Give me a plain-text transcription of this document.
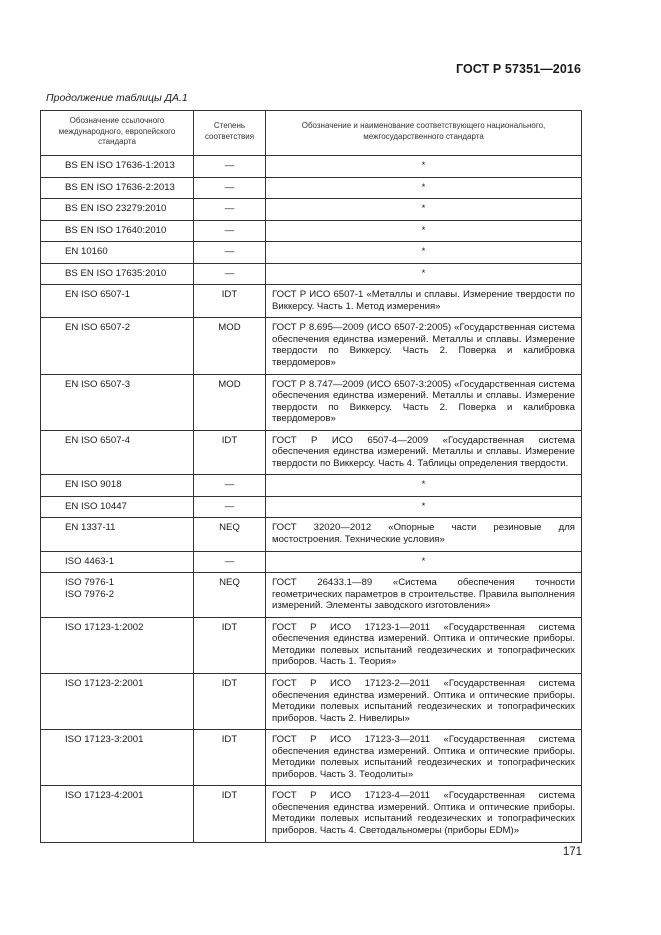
ГОСТ Р 57351—2016
Продолжение таблицы ДА.1
Обозначение ссылочного международного, европейского стандарта	Степень соответствия	Обозначение и наименование соответствующего национального, межгосударственного стандарта

BS EN ISO 17636-1:2013	—	*

BS EN ISO 17636-2:2013	—	*

BS EN ISO 23279:2010	—	*

BS EN ISO 17640:2010	—	*

EN 10160	—	*

BS EN ISO 17635:2010	—	*

EN ISO 6507-1	IDT	ГОСТ Р ИСО 6507-1 «Металлы и сплавы. Измерение твердости по Виккерсу. Часть 1. Метод измерения»

EN ISO 6507-2	MOD	ГОСТ Р 8.695—2009 (ИСО 6507-2:2005) «Государственная система обеспечения единства измерений. Металлы и сплавы. Измерение твердости по Виккерсу. Часть 2. Поверка и калибровка твердомеров»

EN ISO 6507-3	MOD	ГОСТ Р 8.747—2009 (ИСО 6507-3:2005) «Государственная система обеспечения единства измерений. Металлы и сплавы. Измерение твердости по Виккерсу. Часть 2. Поверка и калибровка твердомеров»

EN ISO 6507-4	IDT	ГОСТ Р ИСО 6507-4—2009 «Государственная система обеспечения единства измерений. Металлы и сплавы. Измерение твердости по Виккерсу. Часть 4. Таблицы определения твердости.

EN ISO 9018	—	*

EN ISO 10447	—	*

EN 1337-11	NEQ	ГОСТ 32020—2012 «Опорные части резиновые для мостостроения. Технические условия»

ISO 4463-1	—	*

ISO 7976-1
ISO 7976-2	NEQ	ГОСТ 26433.1—89 «Система обеспечения точности геометрических параметров в строительстве. Правила выполнения измерений. Элементы заводского изготовления»

ISO 17123-1:2002	IDT	ГОСТ Р ИСО 17123-1—2011 «Государственная система обеспечения единства измерений. Оптика и оптические приборы. Методики полевых испытаний геодезических и топографических приборов. Часть 1. Теория»

ISO 17123-2:2001	IDT	ГОСТ Р ИСО 17123-2—2011 «Государственная система обеспечения единства измерений. Оптика и оптические приборы. Методики полевых испытаний геодезических и топографических приборов. Часть 2. Нивелиры»

ISO 17123-3:2001	IDT	ГОСТ Р ИСО 17123-3—2011 «Государственная система обеспечения единства измерений. Оптика и оптические приборы. Методики полевых испытаний геодезических и топографических приборов. Часть 3. Теодолиты»

ISO 17123-4:2001	IDT	ГОСТ Р ИСО 17123-4—2011 «Государственная система обеспечения единства измерений. Оптика и оптические приборы. Методики полевых испытаний геодезических и топографических приборов. Часть 4. Светодальномеры (приборы EDM)»
171
